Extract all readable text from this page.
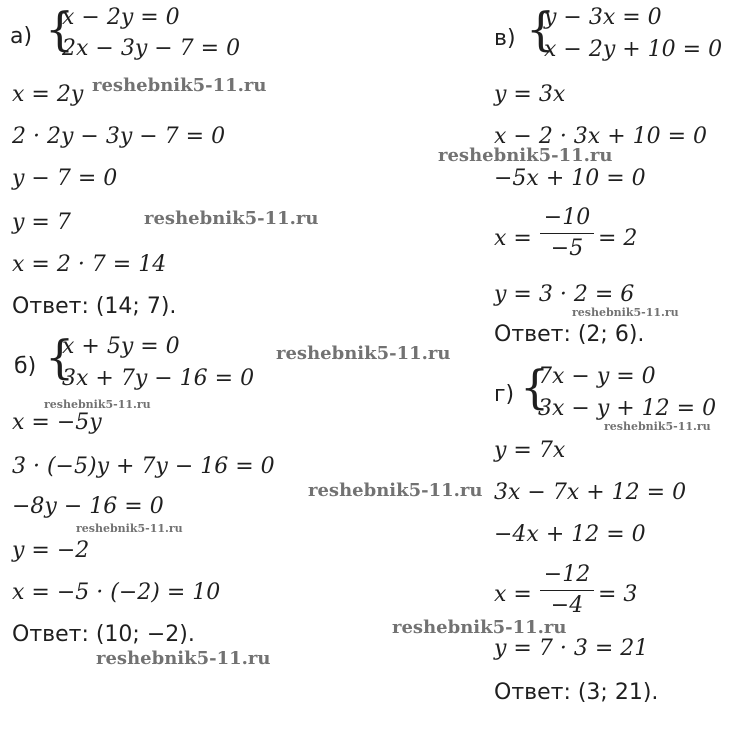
а) {
x − 2y = 0
2x − 3y − 7 = 0
x = 2y
2 · 2y − 3y − 7 = 0
y − 7 = 0
y = 7
x = 2 · 7 = 14
Ответ: (14; 7).
б) {
x + 5y = 0
3x + 7y − 16 = 0
x = −5y
3 · (−5)y + 7y − 16 = 0
−8y − 16 = 0
y = −2
x = −5 · (−2) = 10
Ответ: (10; −2).
в) {
y − 3x = 0
x − 2y + 10 = 0
y = 3x
x − 2 · 3x + 10 = 0
−5x + 10 = 0
x =
−10
−5 = 2
y = 3 · 2 = 6
Ответ: (2; 6).
г) {
7x − y = 0
3x − y + 12 = 0
y = 7x
3x − 7x + 12 = 0
−4x + 12 = 0
x =
−12
−4 = 3
y = 7 · 3 = 21
Ответ: (3; 21).
reshebnik5-11.ru
reshebnik5-11.ru
reshebnik5-11.ru
reshebnik5-11.ru
reshebnik5-11.ru
reshebnik5-11.ru
reshebnik5-11.ru
reshebnik5-11.ru
reshebnik5-11.ru
reshebnik5-11.ru
reshebnik5-11.ru
